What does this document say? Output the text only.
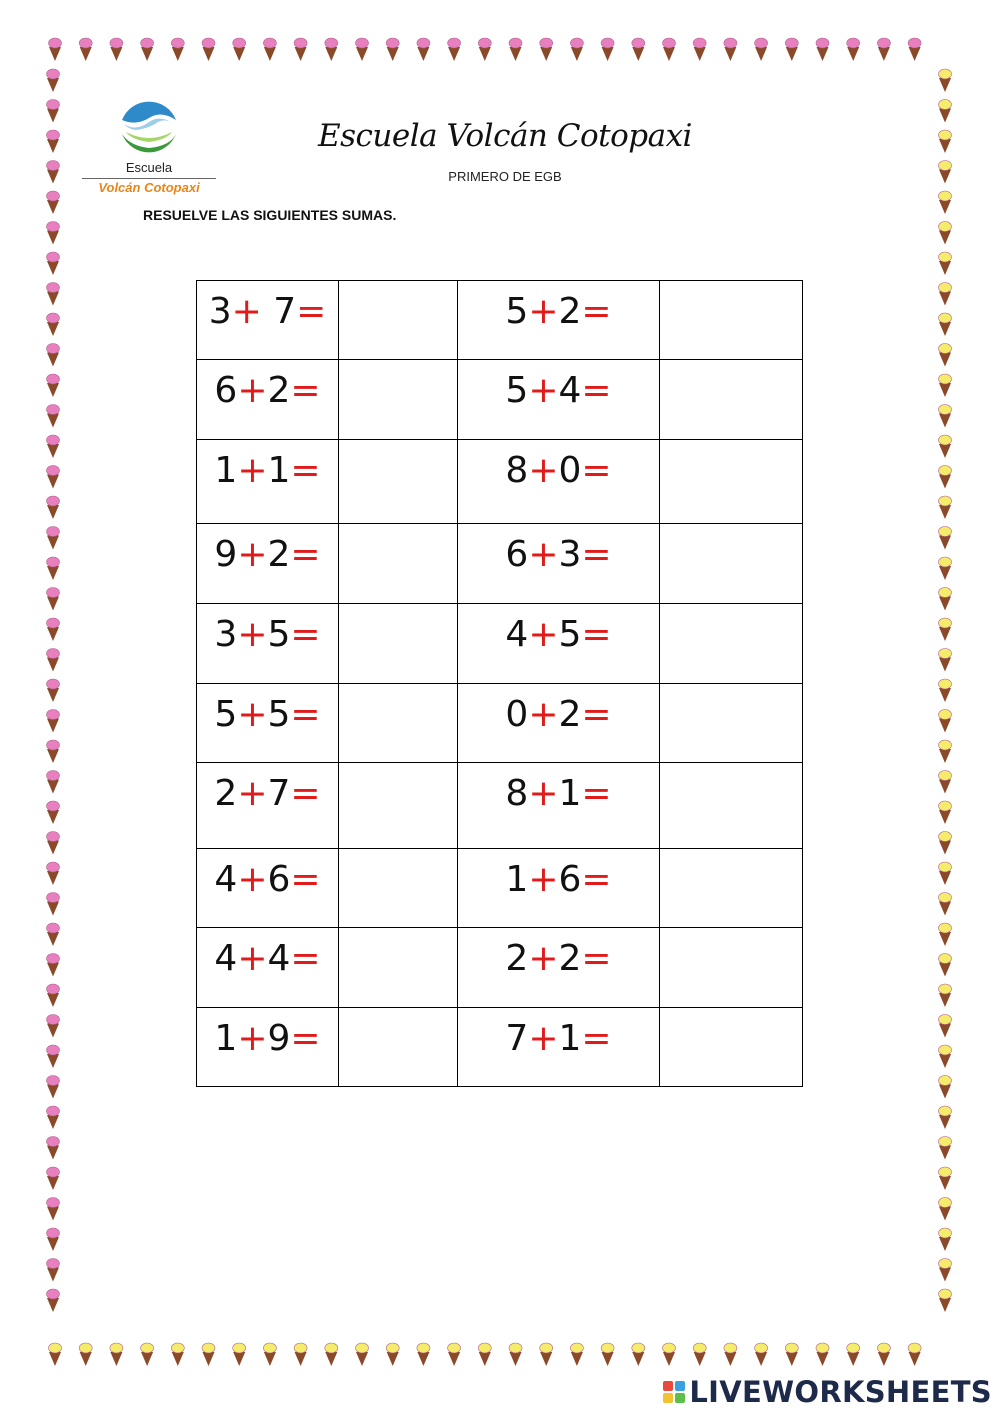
Escuela
Volcán Cotopaxi
Escuela Volcán Cotopaxi
PRIMERO DE EGB
RESUELVE LAS SIGUIENTES SUMAS.
3+ 7=		5+2=	
6+2=		5+4=	
1+1=		8+0=	
9+2=		6+3=	
3+5=		4+5=	
5+5=		0+2=	
2+7=		8+1=	
4+6=		1+6=	
4+4=		2+2=	
1+9=		7+1=	
LIVEWORKSHEETS
